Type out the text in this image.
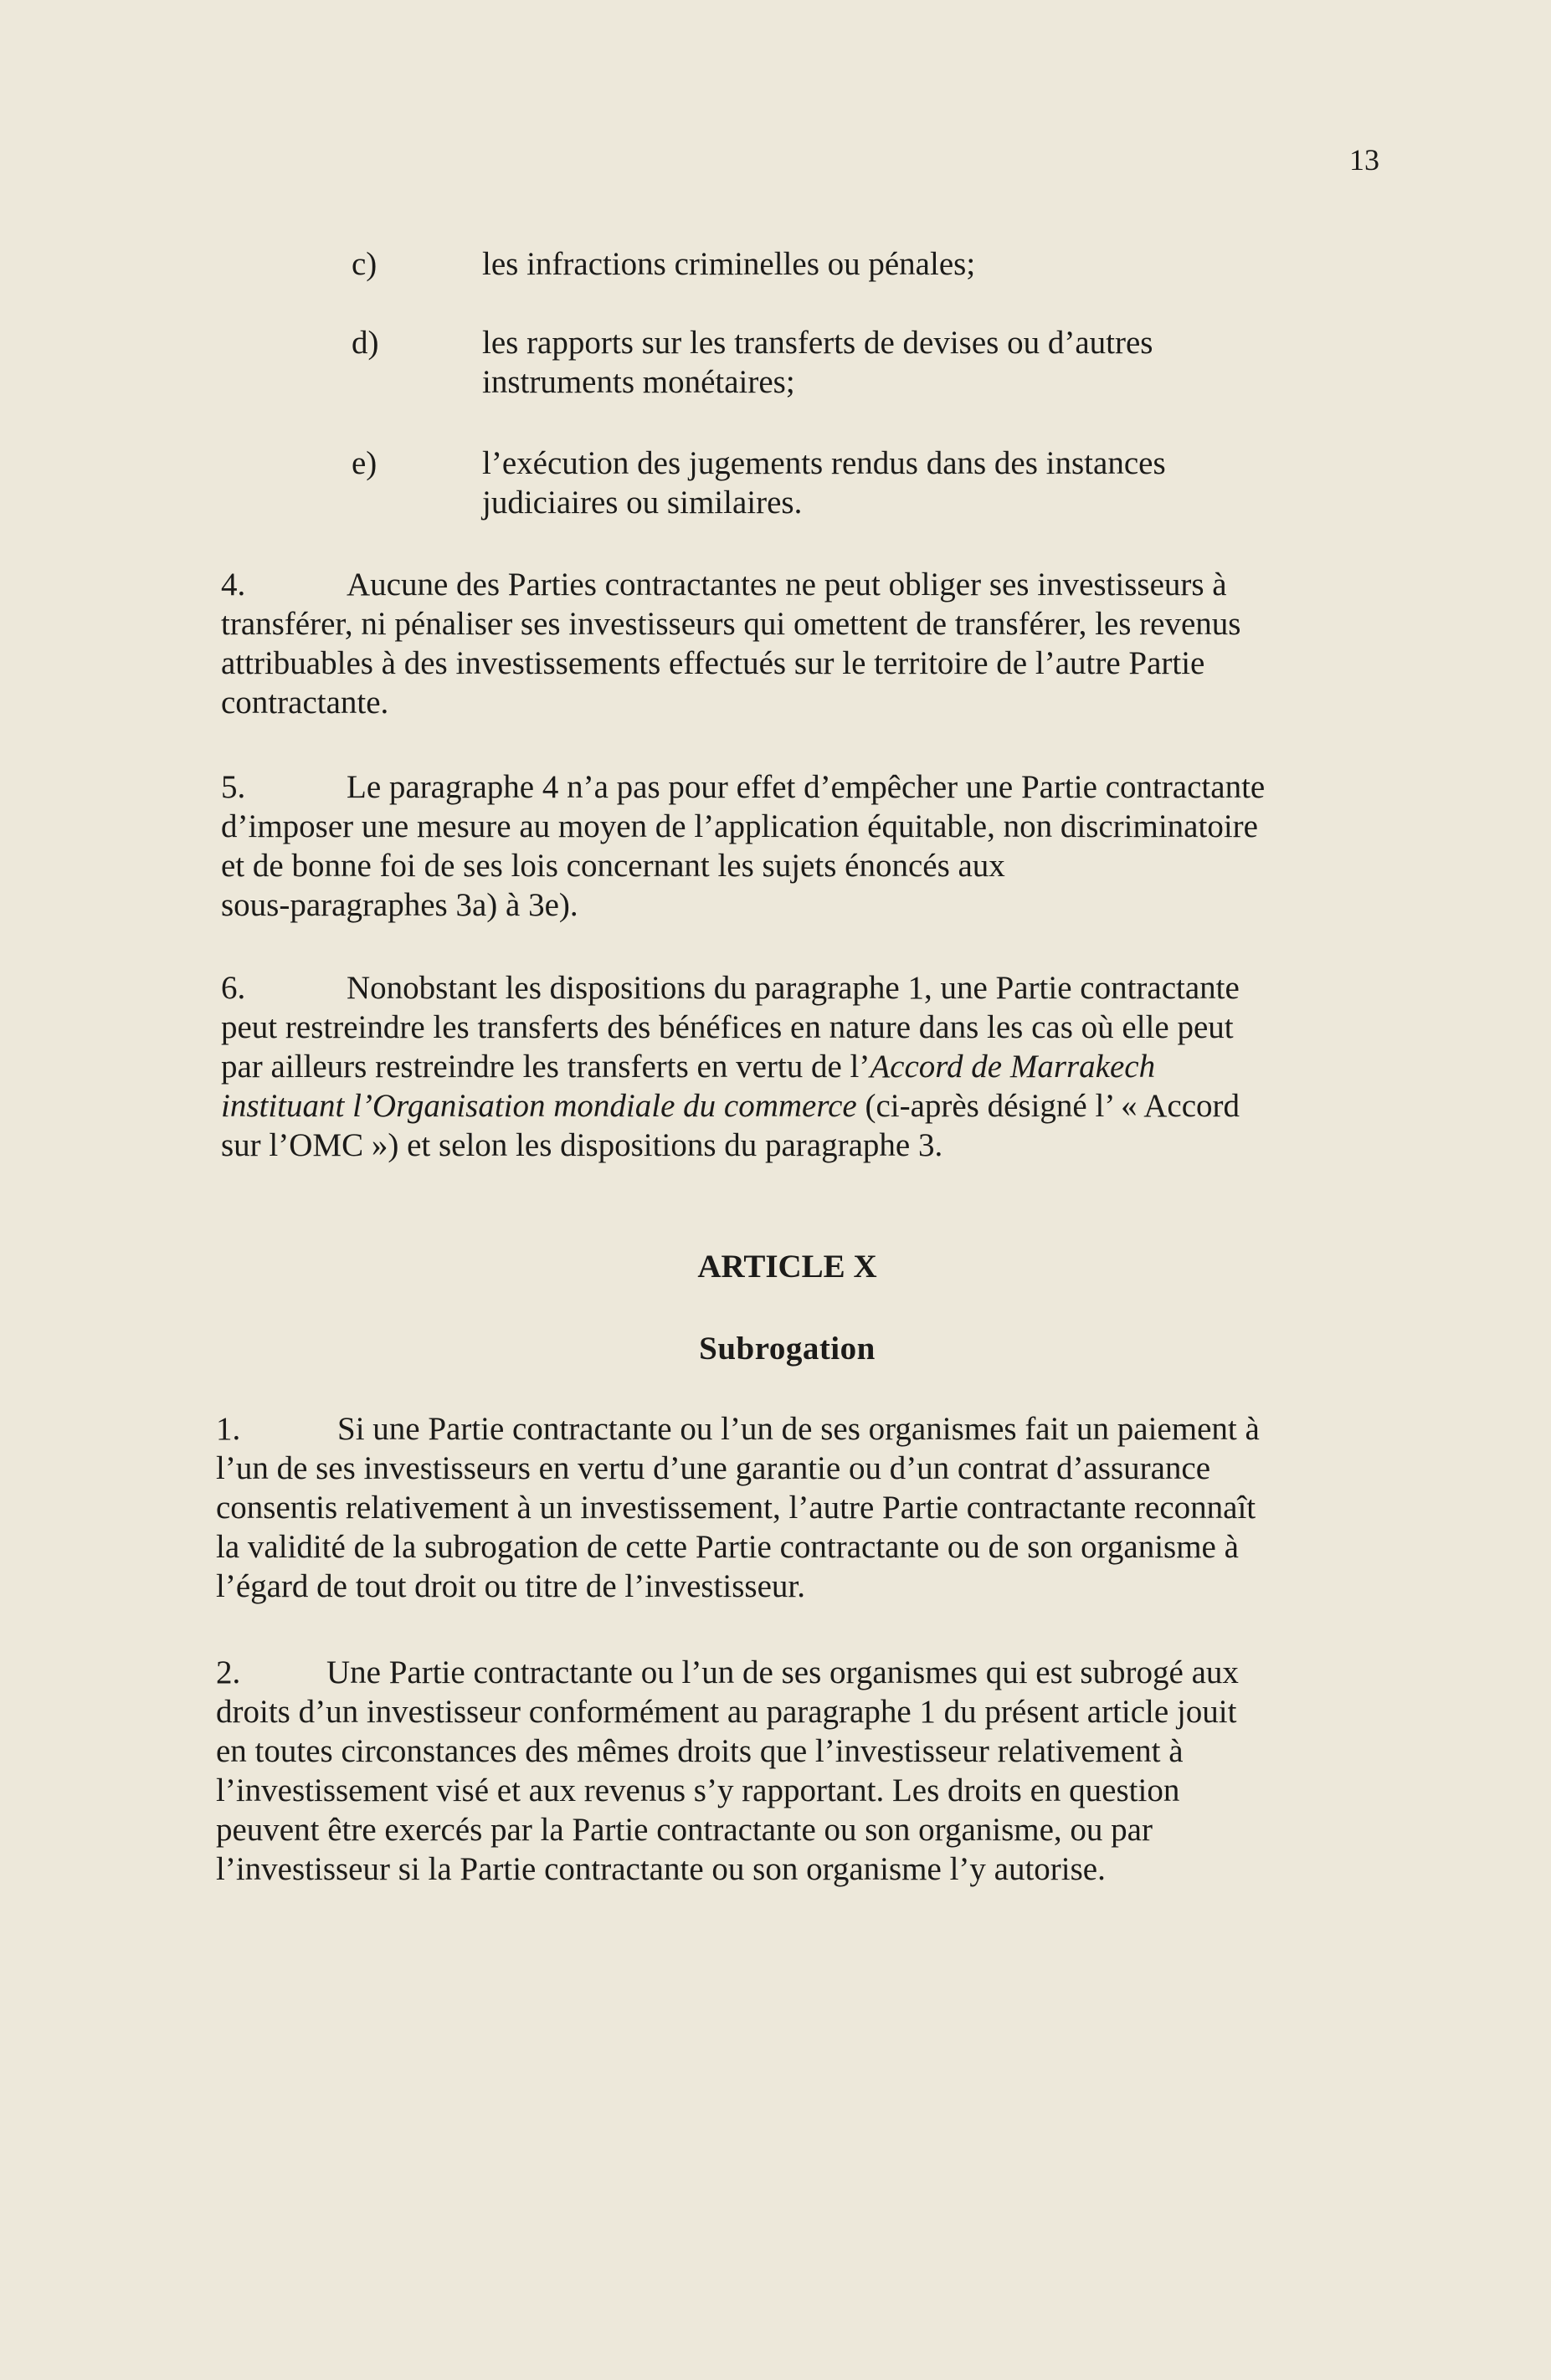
13
c)	les infractions criminelles ou pénales;
d)	les rapports sur les transferts de devises ou d’autres
instruments monétaires;
e)	l’exécution des jugements rendus dans des instances
judiciaires ou similaires.
4.	Aucune des Parties contractantes ne peut obliger ses investisseurs à
transférer, ni pénaliser ses investisseurs qui omettent de transférer, les revenus
attribuables à des investissements effectués sur le territoire de l’autre Partie
contractante.
5.	Le paragraphe 4 n’a pas pour effet d’empêcher une Partie contractante
d’imposer une mesure au moyen de l’application équitable, non discriminatoire
et de bonne foi de ses lois concernant les sujets énoncés aux
sous-paragraphes 3a) à 3e).
6.	Nonobstant les dispositions du paragraphe 1, une Partie contractante
peut restreindre les transferts des bénéfices en nature dans les cas où elle peut
par ailleurs restreindre les transferts en vertu de l’Accord de Marrakech
instituant l’Organisation mondiale du commerce (ci-après désigné l’ « Accord
sur l’OMC ») et selon les dispositions du paragraphe 3.
ARTICLE X
Subrogation
1.	Si une Partie contractante ou l’un de ses organismes fait un paiement à
l’un de ses investisseurs en vertu d’une garantie ou d’un contrat d’assurance
consentis relativement à un investissement, l’autre Partie contractante reconnaît
la validité de la subrogation de cette Partie contractante ou de son organisme à
l’égard de tout droit ou titre de l’investisseur.
2.	Une Partie contractante ou l’un de ses organismes qui est subrogé aux
droits d’un investisseur conformément au paragraphe 1 du présent article jouit
en toutes circonstances des mêmes droits que l’investisseur relativement à
l’investissement visé et aux revenus s’y rapportant. Les droits en question
peuvent être exercés par la Partie contractante ou son organisme, ou par
l’investisseur si la Partie contractante ou son organisme l’y autorise.
